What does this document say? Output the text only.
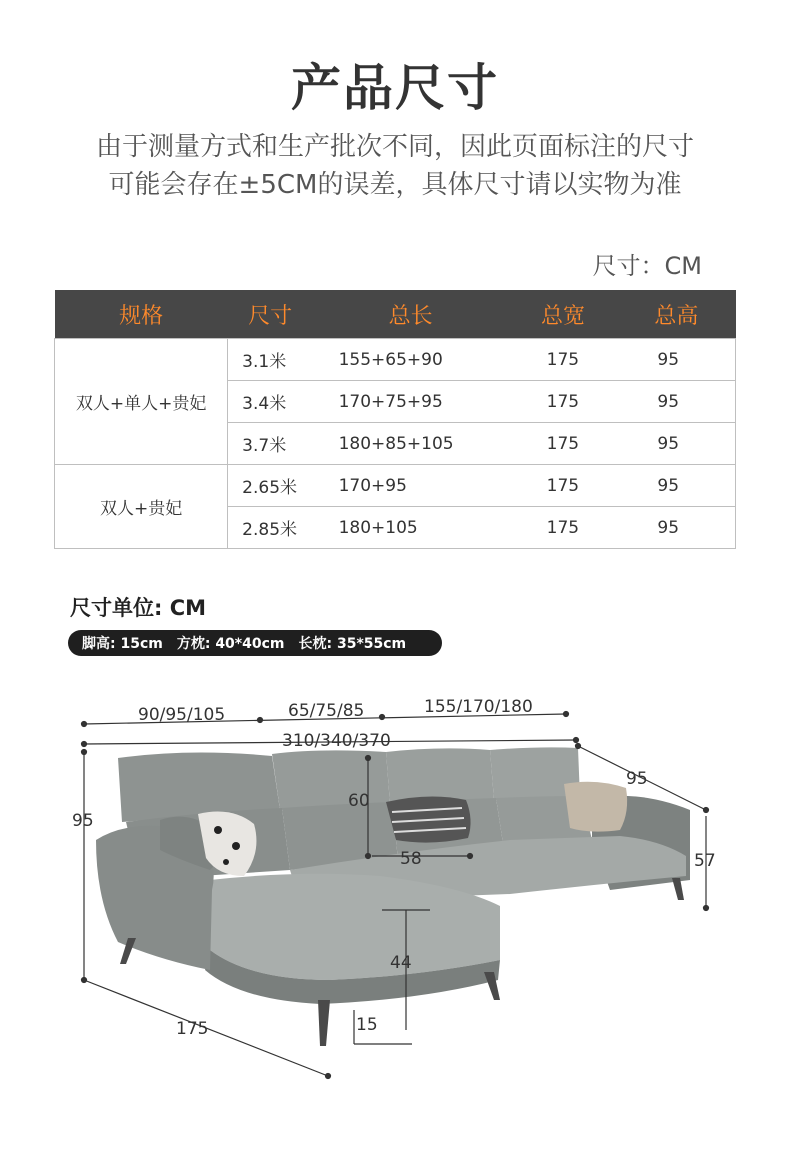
产品尺寸
由于测量方式和生产批次不同，因此页面标注的尺寸
可能会存在±5CM的误差，具体尺寸请以实物为准
尺寸：CM
规格	尺寸	总长	总宽	总高
双人+单人+贵妃	3.1米	155+65+90	175	95
	3.4米	170+75+95	175	95
	3.7米	180+85+105	175	95
双人+贵妃	2.65米	170+95	175	95
	2.85米	180+105	175	95
尺寸单位: CM
脚高: 15cm 方枕: 40*40cm 长枕: 35*55cm
90/95/105	65/75/85	155/170/180
310/340/370
95
95
60
58	57
44
15
175
